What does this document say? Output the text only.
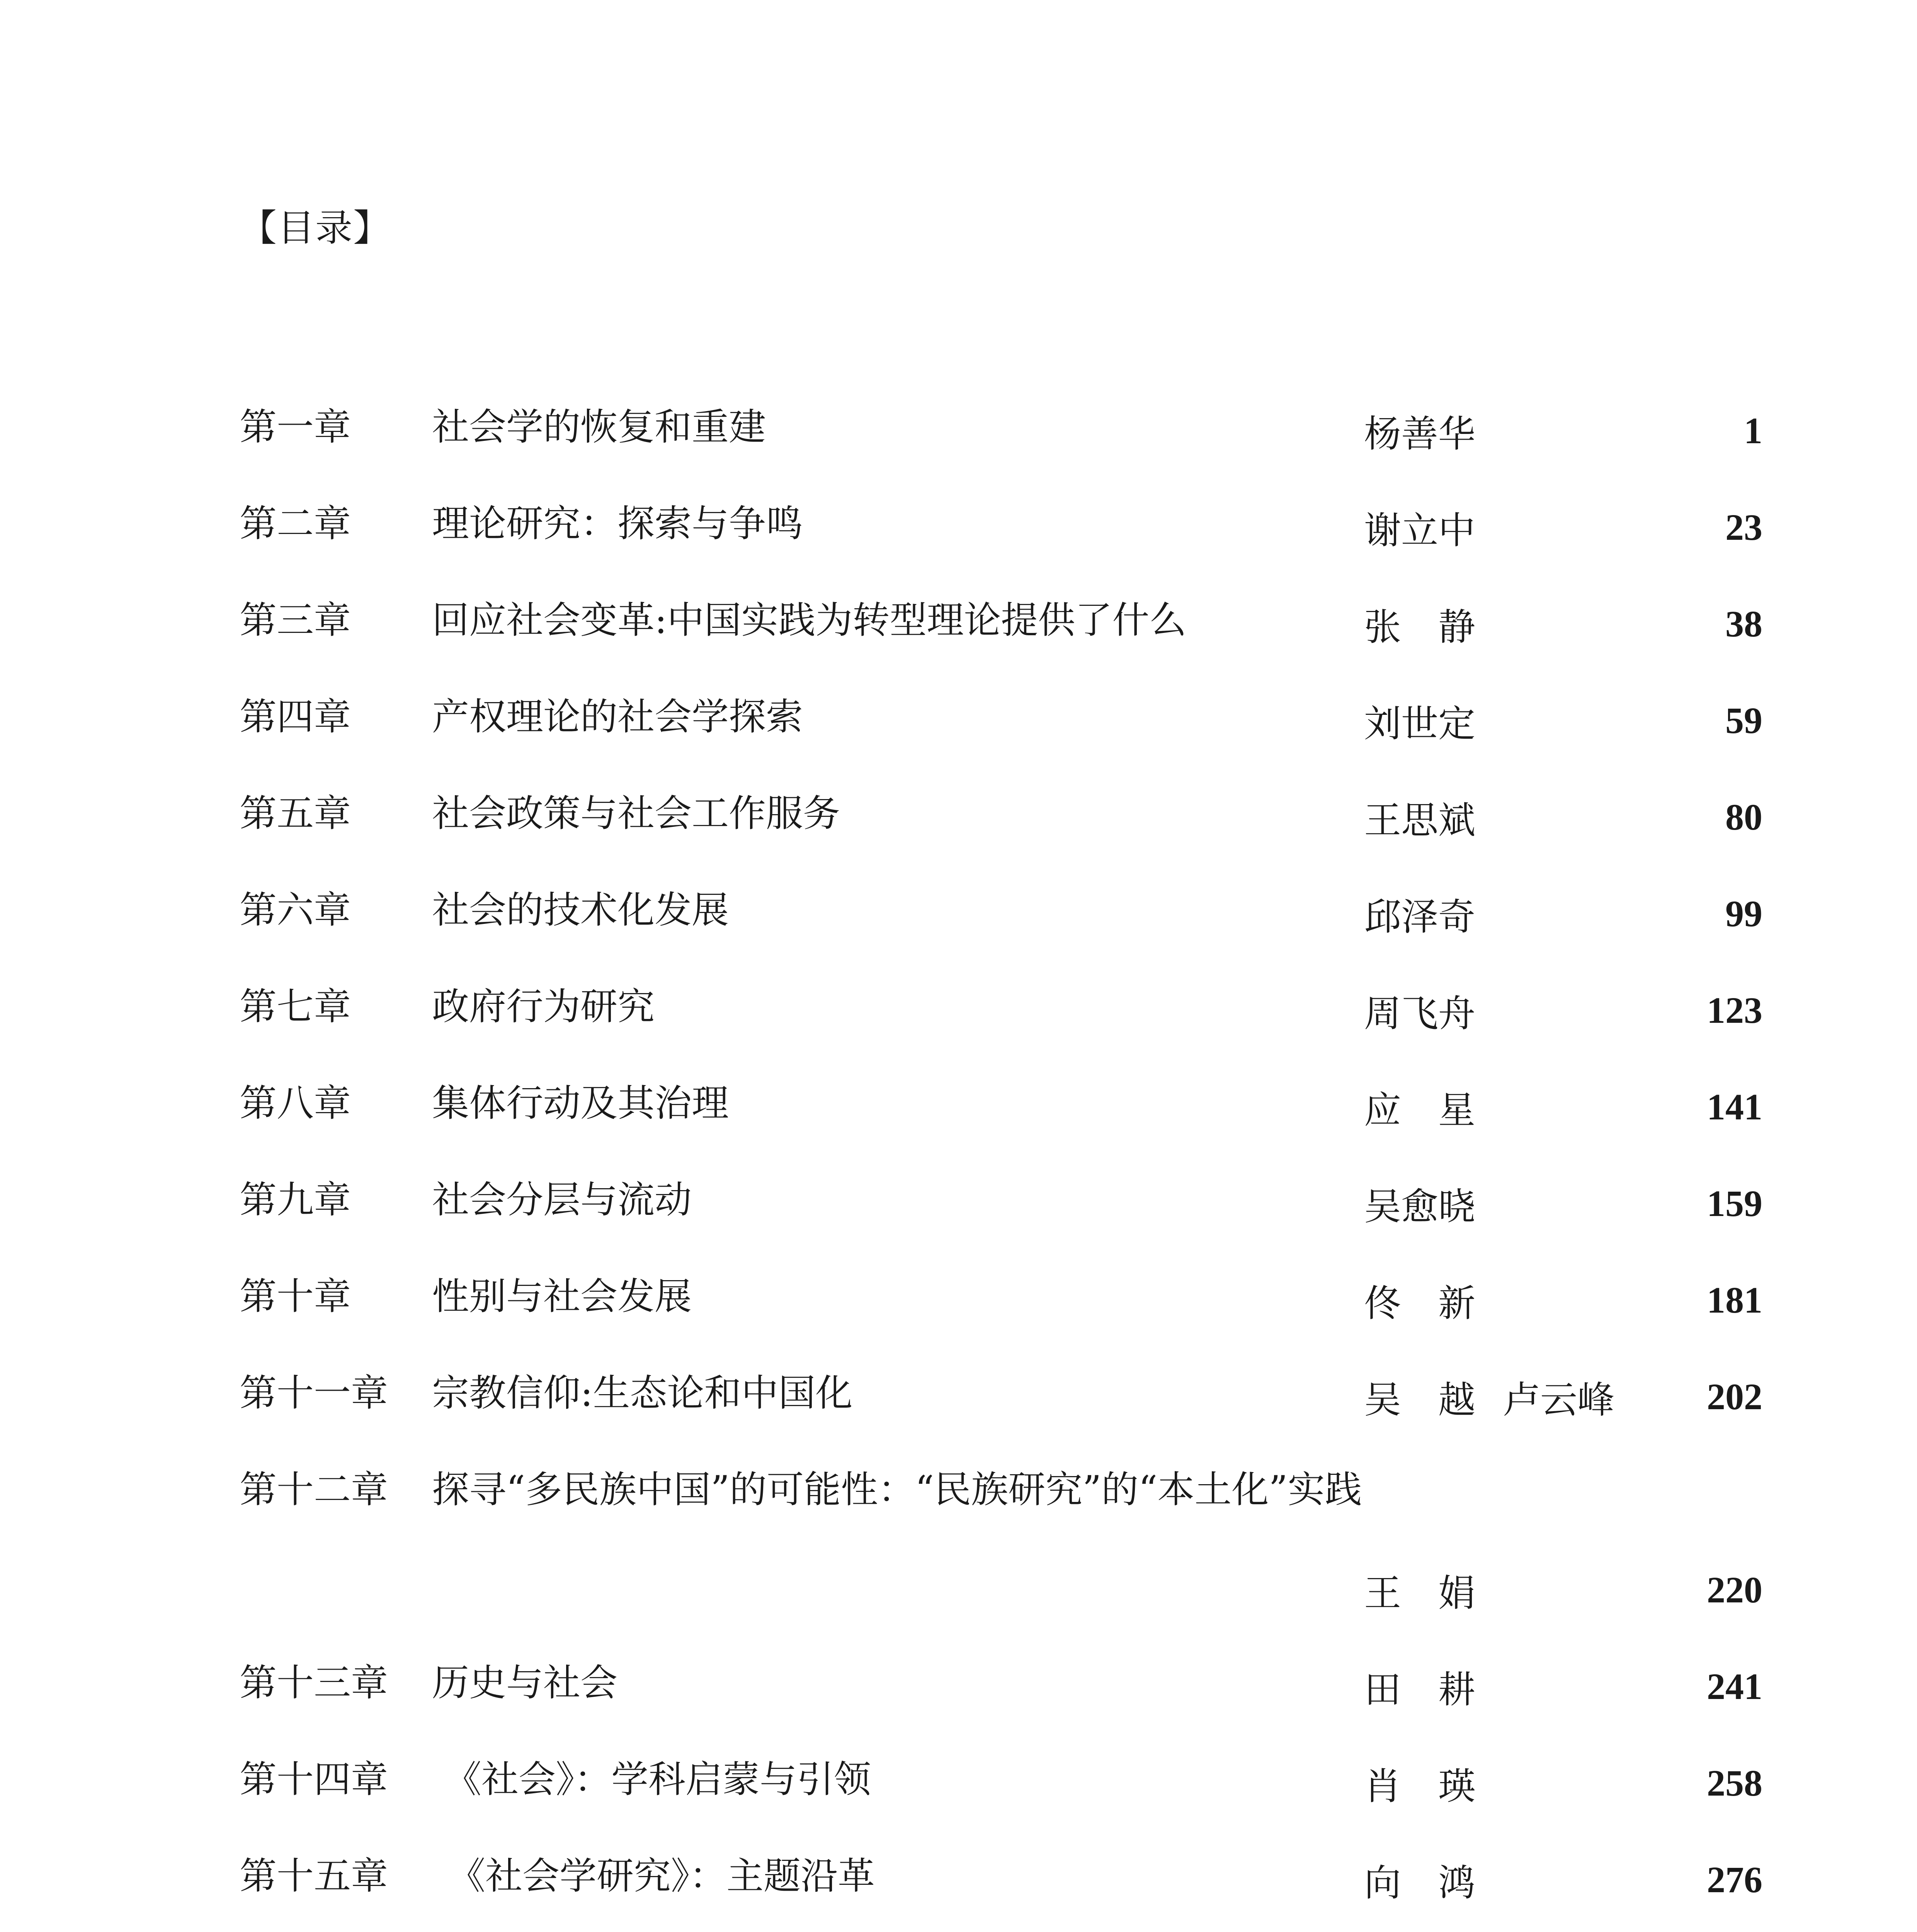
【目录】
第一章 社会学的恢复和重建	杨善华	1
第二章 理论研究：探索与争鸣	谢立中	23
第三章 回应社会变革:中国实践为转型理论提供了什么	张　静	38
第四章 产权理论的社会学探索	刘世定	59
第五章 社会政策与社会工作服务	王思斌	80
第六章 社会的技术化发展	邱泽奇	99
第七章 政府行为研究	周飞舟	123
第八章 集体行动及其治理	应　星	141
第九章 社会分层与流动	吴愈晓	159
第十章 性别与社会发展	佟　新	181
第十一章 宗教信仰:生态论和中国化	吴　越 卢云峰 202
第十二章 探寻“多民族中国”的可能性：“民族研究”的“本土化”实践
王　娟	220
第十三章 历史与社会	田　耕	241
第十四章 《社会》：学科启蒙与引领	肖　瑛	258
第十五章 《社会学研究》：主题沿革	向　鸿	276
